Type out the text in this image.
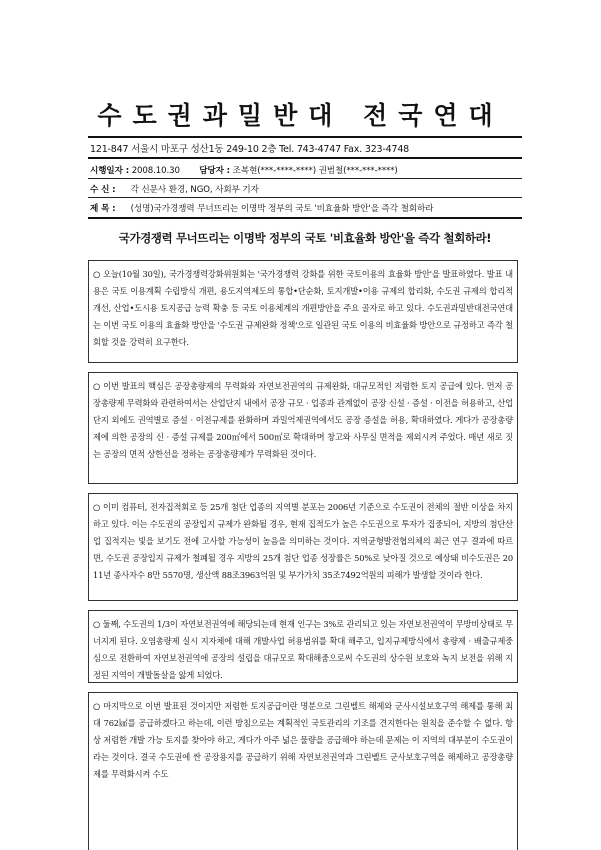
수도권과밀반대 전국연대
121-847 서울시 마포구 성산1동 249-10 2층 Tel. 743-4747 Fax. 323-4748
시행일자 : 2008.10.30 담당자 : 조복현(***-****-****) 권범철(***-***-****)
수 신 : 각 신문사 환경, NGO, 사회부 기자
제 목 : (성명)국가경쟁력 무너뜨리는 이명박 정부의 국토 '비효율화 방안'을 즉각 철회하라
국가경쟁력 무너뜨리는 이명박 정부의 국토 '비효율화 방안'을 즉각 철회하라!

○ 오늘(10월 30일), 국가경쟁력강화위원회는 '국가경쟁력 강화를 위한 국토이용의 효율화 방안'을 발표하였다. 발표 내용은 국토 이용계획 수립방식 개편, 용도지역제도의 통합•단순화, 토지개발•이용 규제의 합리화, 수도권 규제의 합리적 개선, 산업•도시용 토지공급 능력 확충 등 국토 이용체계의 개편방안을 주요 골자로 하고 있다. 수도권과밀반대전국연대는 이번 국토 이용의 효율화 방안을 '수도권 규제완화 정책'으로 일관된 국토 이용의 비효율화 방안으로 규정하고 즉각 철회할 것을 강력히 요구한다.

○ 이번 발표의 핵심은 공장총량제의 무력화와 자연보전권역의 규제완화, 대규모적인 저렴한 토지 공급에 있다. 먼저 공장총량제 무력화와 관련하여서는 산업단지 내에서 공장 규모 · 업종과 관계없이 공장 신설 · 증설 · 이전을 허용하고, 산업단지 외에도 권역별로 증설 · 이전규제를 완화하며 과밀억제권역에서도 공장 증설을 허용, 확대하였다. 게다가 공장총량제에 의한 공장의 신 · 증설 규제를 200㎡에서 500㎡로 확대하며 창고와 사무실 면적을 제외시켜 주었다. 매년 새로 짓는 공장의 면적 상한선을 정하는 공장총량제가 무력화된 것이다.

○ 이미 컴퓨터, 전자집적회로 등 25개 첨단 업종의 지역별 분포는 2006년 기준으로 수도권이 전체의 절반 이상을 차지하고 있다. 이는 수도권의 공장입지 규제가 완화될 경우, 현재 집적도가 높은 수도권으로 투자가 집중되어, 지방의 첨단산업 집적지는 빛을 보기도 전에 고사할 가능성이 높음을 의미하는 것이다. 지역균형발전협의체의 최근 연구 결과에 따르면, 수도권 공장입지 규제가 철폐될 경우 지방의 25개 첨단 업종 성장률은 50%로 낮아질 것으로 예상돼 비수도권은 2011년 종사자수 8만 5570명, 생산액 88조3963억원 및 부가가치 35조7492억원의 피해가 발생할 것이라 한다.

○ 둘째, 수도권의 1/3이 자연보전권역에 해당되는데 현재 인구는 3%로 관리되고 있는 자연보전권역이 무방비상태로 무너지게 된다. 오염총량제 실시 지자체에 대해 개발사업 허용범위를 확대 해주고, 입지규제방식에서 총량제 · 배출규제중심으로 전환하여 자연보전권역에 공장의 설립을 대규모로 확대해줌으로써 수도권의 상수원 보호와 녹지 보전을 위해 지정된 지역이 개발돌살을 앓게 되었다.

○ 마지막으로 이번 발표된 것이지만 저렴한 토지공급이란 명분으로 그린벨트 해제와 군사시설보호구역 해제를 통해 최대 762㎢를 공급하겠다고 하는데, 이런 방침으로는 계획적인 국토관리의 기조를 견지한다는 원칙을 준수할 수 없다. 항상 저렴한 개발 가능 토지를 찾아야 하고, 게다가 아주 넓은 물량을 공급해야 하는데 문제는 이 지역의 대부분이 수도권이라는 것이다. 결국 수도권에 싼 공장용지를 공급하기 위해 자연보전권역과 그린벨트 군사보호구역을 해제하고 공장총량제를 무력화시켜 수도
